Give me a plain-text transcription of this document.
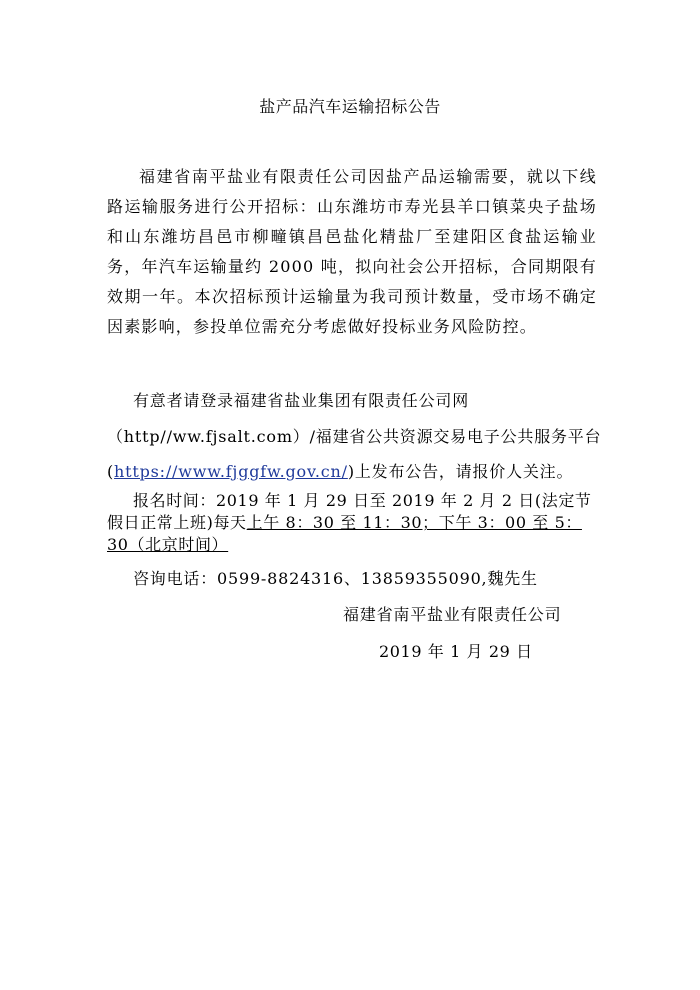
盐产品汽车运输招标公告

福建省南平盐业有限责任公司因盐产品运输需要，就以下线路运输服务进行公开招标：山东潍坊市寿光县羊口镇菜央子盐场和山东潍坊昌邑市柳疃镇昌邑盐化精盐厂至建阳区食盐运输业务，年汽车运输量约 2000 吨，拟向社会公开招标，合同期限有效期一年。本次招标预计运输量为我司预计数量，受市场不确定因素影响，参投单位需充分考虑做好投标业务风险防控。

有意者请登录福建省盐业集团有限责任公司网
（http//ww.fjsalt.com）/福建省公共资源交易电子公共服务平台
(https://www.fjggfw.gov.cn/)上发布公告，请报价人关注。
报名时间：2019 年 1 月 29 日至 2019 年 2 月 2 日(法定节假日正常上班)每天上午 8：30 至 11：30；下午 3：00 至 5：30（北京时间）
咨询电话：0599-8824316、13859355090,魏先生
福建省南平盐业有限责任公司
2019 年 1 月 29 日
